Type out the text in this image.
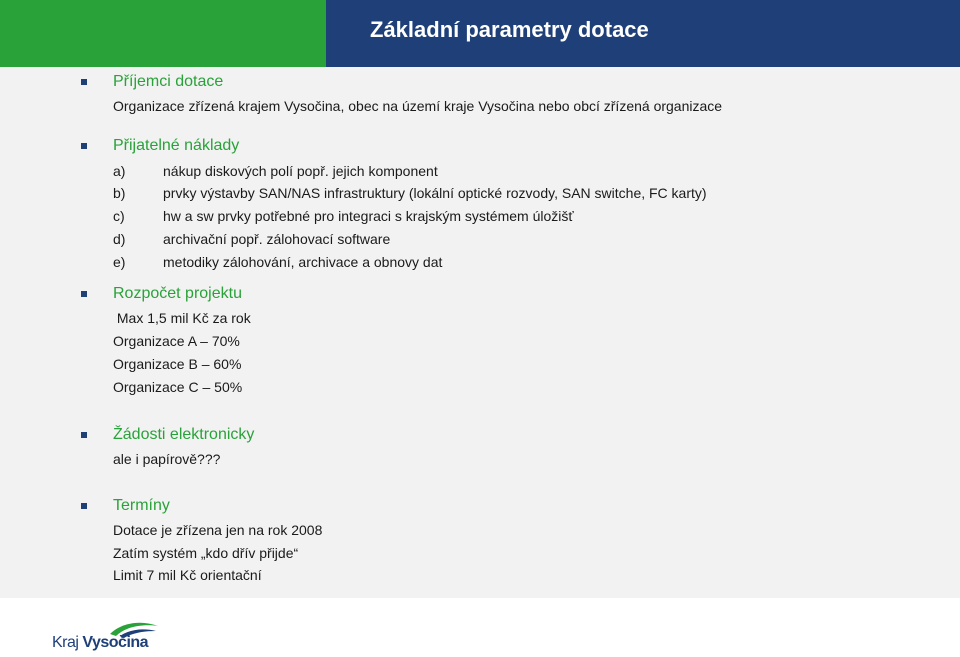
Základní parametry dotace
Příjemci dotace
Organizace zřízená krajem Vysočina, obec na území kraje Vysočina nebo obcí zřízená organizace
Přijatelné náklady
a)	nákup diskových polí popř. jejich komponent
b)	prvky výstavby SAN/NAS infrastruktury (lokální optické rozvody, SAN switche, FC karty)
c)	hw a sw prvky potřebné pro integraci s krajským systémem úložišť
d)	archivační popř. zálohovací software
e)	metodiky zálohování, archivace a obnovy dat
Rozpočet projektu
Max 1,5 mil Kč za rok
Organizace A – 70%
Organizace B – 60%
Organizace C – 50%
Žádosti elektronicky
ale i papírově???
Termíny
Dotace je zřízena jen na rok 2008
Zatím systém „kdo dřív přijde“
Limit 7 mil Kč orientační
Kraj Vysočina
